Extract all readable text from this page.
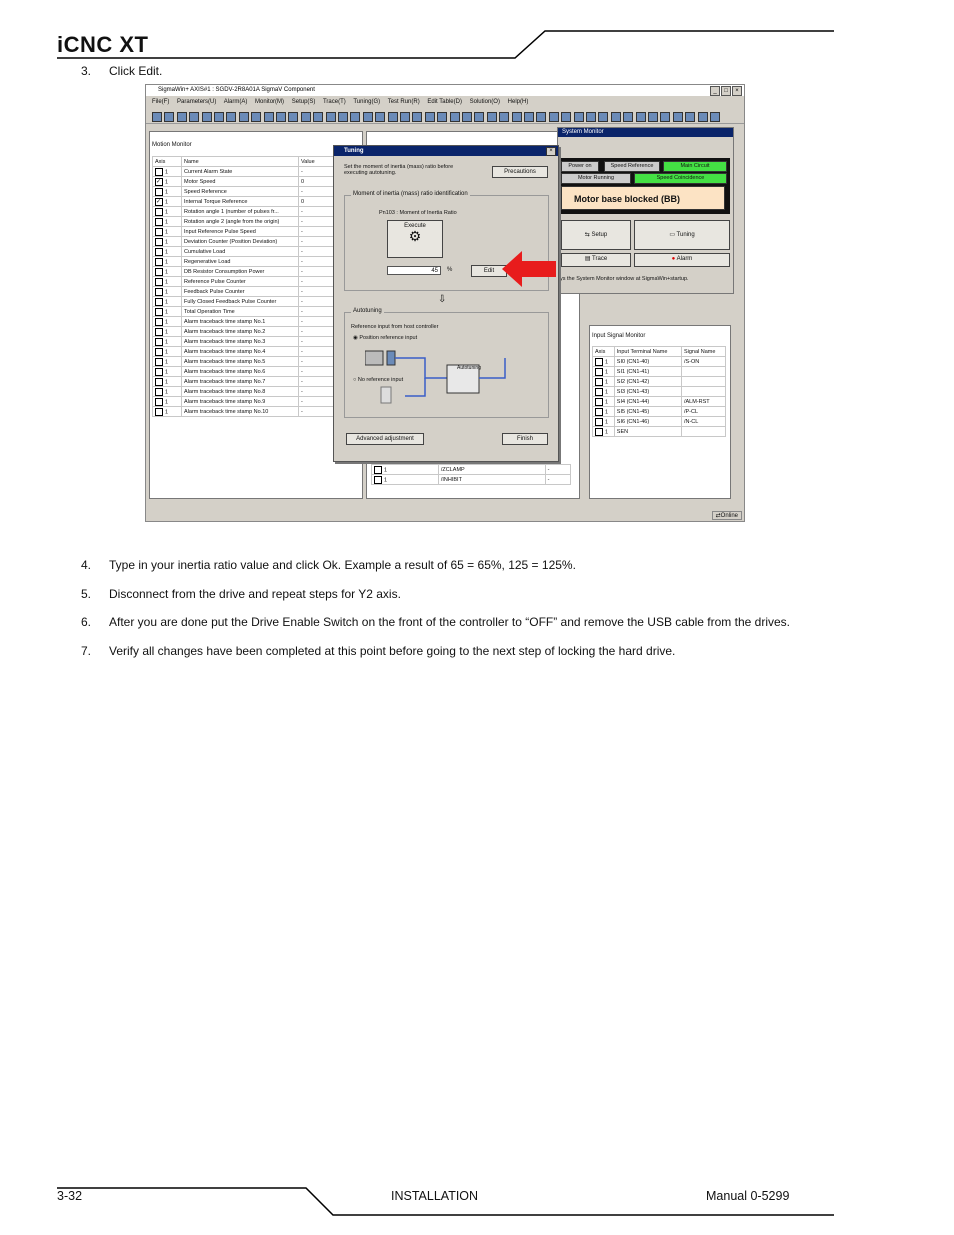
iCNC XT
3. Click Edit.
SigmaWin+ AXIS#1 : SGDV-2R8A01A SigmaV Component	_ □ ×
File(F) Parameters(U) Alarm(A) Monitor(M) Setup(S) Trace(T) Tuning(G) Test Run(R) Edit Table(D) Solution(O) Help(H)
Motion Monitor
Axis	Name	Value
1	Current Alarm State	-
✓ 1	Motor Speed	0
1	Speed Reference	-
✓ 1	Internal Torque Reference	0
1	Rotation angle 1 (number of pulses fr...	-
1	Rotation angle 2 (angle from the origin)	-
1	Input Reference Pulse Speed	-
1	Deviation Counter (Position Deviation)	-
1	Cumulative Load	-
1	Regenerative Load	-
1	DB Resistor Consumption Power	-
1	Reference Pulse Counter	-
1	Feedback Pulse Counter	-
1	Fully Closed Feedback Pulse Counter	-
1	Total Operation Time	-
1	Alarm traceback time stamp No.1	-
1	Alarm traceback time stamp No.2	-
1	Alarm traceback time stamp No.3	-
1	Alarm traceback time stamp No.4	-
1	Alarm traceback time stamp No.5	-
1	Alarm traceback time stamp No.6	-
1	Alarm traceback time stamp No.7	-
1	Alarm traceback time stamp No.8	-
1	Alarm traceback time stamp No.9	-
1	Alarm traceback time stamp No.10	-
1	/ZCLAMP	-
1	/INHIBIT	-
System Monitor
Power on	Speed Reference	Main Circuit
Motor Running	Speed Coincidence
Motor base blocked (BB)
⇆ Setup	▭ Tuning
▤ Trace	● Alarm
ys the System Monitor window at SigmaWin+startup.
Input Signal Monitor
Axis	Input Terminal Name	Signal Name
1	SI0 (CN1-40)	/S-ON
1	SI1 (CN1-41)	
1	SI2 (CN1-42)	
1	SI3 (CN1-43)	
1	SI4 (CN1-44)	/ALM-RST
1	SI5 (CN1-45)	/P-CL
1	SI6 (CN1-46)	/N-CL
1	SEN	
⇄Online
Tuning	×
Set the moment of inertia (mass) ratio before executing autotuning.	Precautions
Moment of inertia (mass) ratio identification
Pn103 : Moment of Inertia Ratio
Execute
⚙
45	%	Edit
⇩
Autotuning
Reference input from host controller
◉ Position reference input
○ No reference input
Autotuning
Advanced adjustment	Finish
4. Type in your inertia ratio value and click Ok. Example a result of 65 = 65%, 125 = 125%.
5. Disconnect from the drive and repeat steps for Y2 axis.
6. After you are done put the Drive Enable Switch on the front of the controller to “OFF” and remove the USB cable from the drives.
7. Verify all changes have been completed at this point before going to the next step of locking the hard drive.
3-32	INSTALLATION	Manual 0-5299
